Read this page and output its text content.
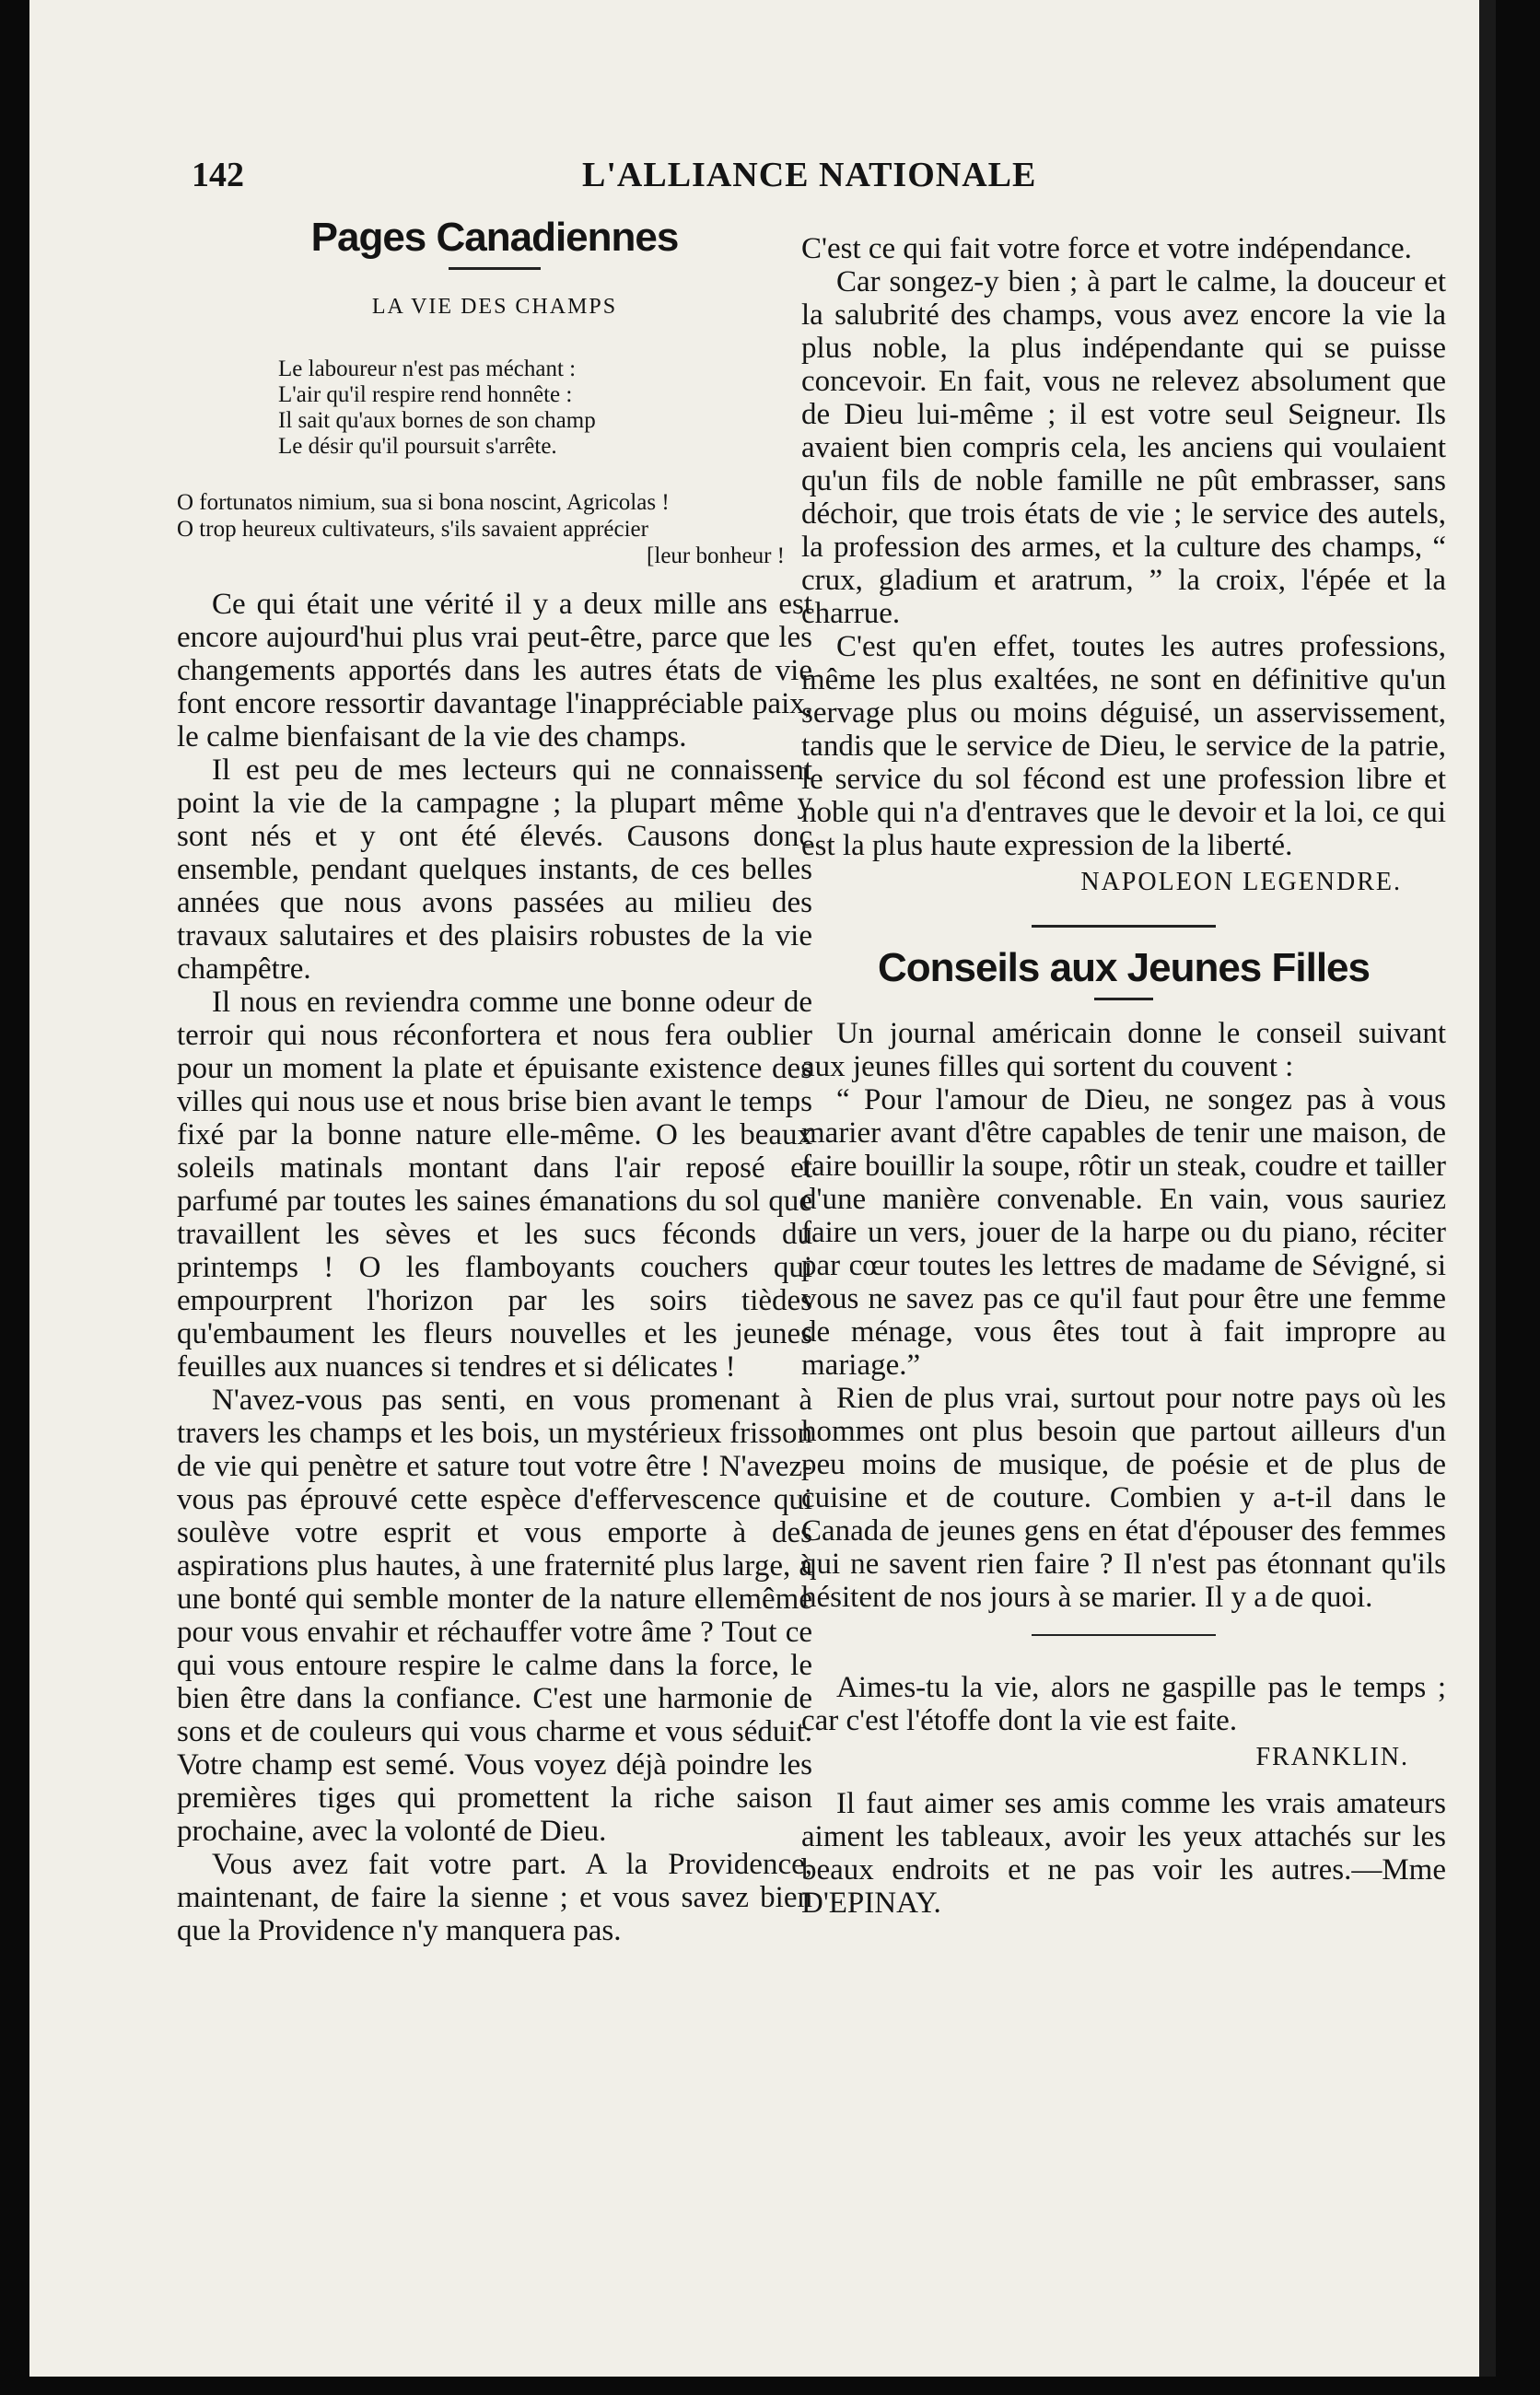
142	L'ALLIANCE NATIONALE
Pages Canadiennes
LA VIE DES CHAMPS
Le laboureur n'est pas méchant :
L'air qu'il respire rend honnête :
Il sait qu'aux bornes de son champ
Le désir qu'il poursuit s'arrête.
O fortunatos nimium, sua si bona noscint, Agricolas !
O trop heureux cultivateurs, s'ils savaient apprécier
[leur bonheur !

Ce qui était une vérité il y a deux mille ans est encore aujourd'hui plus vrai peut-être, parce que les changements apportés dans les autres états de vie font encore ressortir davantage l'inappréciable paix, le calme bienfaisant de la vie des champs.

Il est peu de mes lecteurs qui ne connaissent point la vie de la campagne ; la plupart même y sont nés et y ont été élevés. Causons donc ensemble, pendant quelques instants, de ces belles années que nous avons passées au milieu des travaux salutaires et des plaisirs robustes de la vie champêtre.

Il nous en reviendra comme une bonne odeur de terroir qui nous réconfortera et nous fera oublier pour un moment la plate et épuisante existence des villes qui nous use et nous brise bien avant le temps fixé par la bonne nature elle-même. O les beaux soleils matinals montant dans l'air reposé et parfumé par toutes les saines émanations du sol que travaillent les sèves et les sucs féconds du printemps ! O les flamboyants couchers qui empourprent l'horizon par les soirs tièdes qu'embaument les fleurs nouvelles et les jeunes feuilles aux nuances si tendres et si délicates !

N'avez-vous pas senti, en vous promenant à travers les champs et les bois, un mystérieux frisson de vie qui penètre et sature tout votre être ! N'avez-vous pas éprouvé cette espèce d'effervescence qui soulève votre esprit et vous emporte à des aspirations plus hautes, à une fraternité plus large, à une bonté qui semble monter de la nature ellemême pour vous envahir et réchauffer votre âme ? Tout ce qui vous entoure respire le calme dans la force, le bien être dans la confiance. C'est une harmonie de sons et de couleurs qui vous charme et vous séduit. Votre champ est semé. Vous voyez déjà poindre les premières tiges qui promettent la riche saison prochaine, avec la volonté de Dieu.

Vous avez fait votre part. A la Providence, maintenant, de faire la sienne ; et vous savez bien que la Providence n'y manquera pas.

C'est ce qui fait votre force et votre indépendance.

Car songez-y bien ; à part le calme, la douceur et la salubrité des champs, vous avez encore la vie la plus noble, la plus indépendante qui se puisse concevoir. En fait, vous ne relevez absolument que de Dieu lui-même ; il est votre seul Seigneur. Ils avaient bien compris cela, les anciens qui voulaient qu'un fils de noble famille ne pût embrasser, sans déchoir, que trois états de vie ; le service des autels, la profession des armes, et la culture des champs, “ crux, gladium et aratrum, ” la croix, l'épée et la charrue.

C'est qu'en effet, toutes les autres professions, même les plus exaltées, ne sont en définitive qu'un servage plus ou moins déguisé, un asservissement, tandis que le service de Dieu, le service de la patrie, le service du sol fécond est une profession libre et noble qui n'a d'entraves que le devoir et la loi, ce qui est la plus haute expression de la liberté.

NAPOLEON LEGENDRE.
Conseils aux Jeunes Filles

Un journal américain donne le conseil suivant aux jeunes filles qui sortent du couvent :

“ Pour l'amour de Dieu, ne songez pas à vous marier avant d'être capables de tenir une maison, de faire bouillir la soupe, rôtir un steak, coudre et tailler d'une manière convenable. En vain, vous sauriez faire un vers, jouer de la harpe ou du piano, réciter par cœur toutes les lettres de madame de Sévigné, si vous ne savez pas ce qu'il faut pour être une femme de ménage, vous êtes tout à fait impropre au mariage.”

Rien de plus vrai, surtout pour notre pays où les hommes ont plus besoin que partout ailleurs d'un peu moins de musique, de poésie et de plus de cuisine et de couture. Combien y a-t-il dans le Canada de jeunes gens en état d'épouser des femmes qui ne savent rien faire ? Il n'est pas étonnant qu'ils hésitent de nos jours à se marier. Il y a de quoi.

Aimes-tu la vie, alors ne gaspille pas le temps ; car c'est l'étoffe dont la vie est faite.

FRANKLIN.

Il faut aimer ses amis comme les vrais amateurs aiment les tableaux, avoir les yeux attachés sur les beaux endroits et ne pas voir les autres.—Mme D'EPINAY.
